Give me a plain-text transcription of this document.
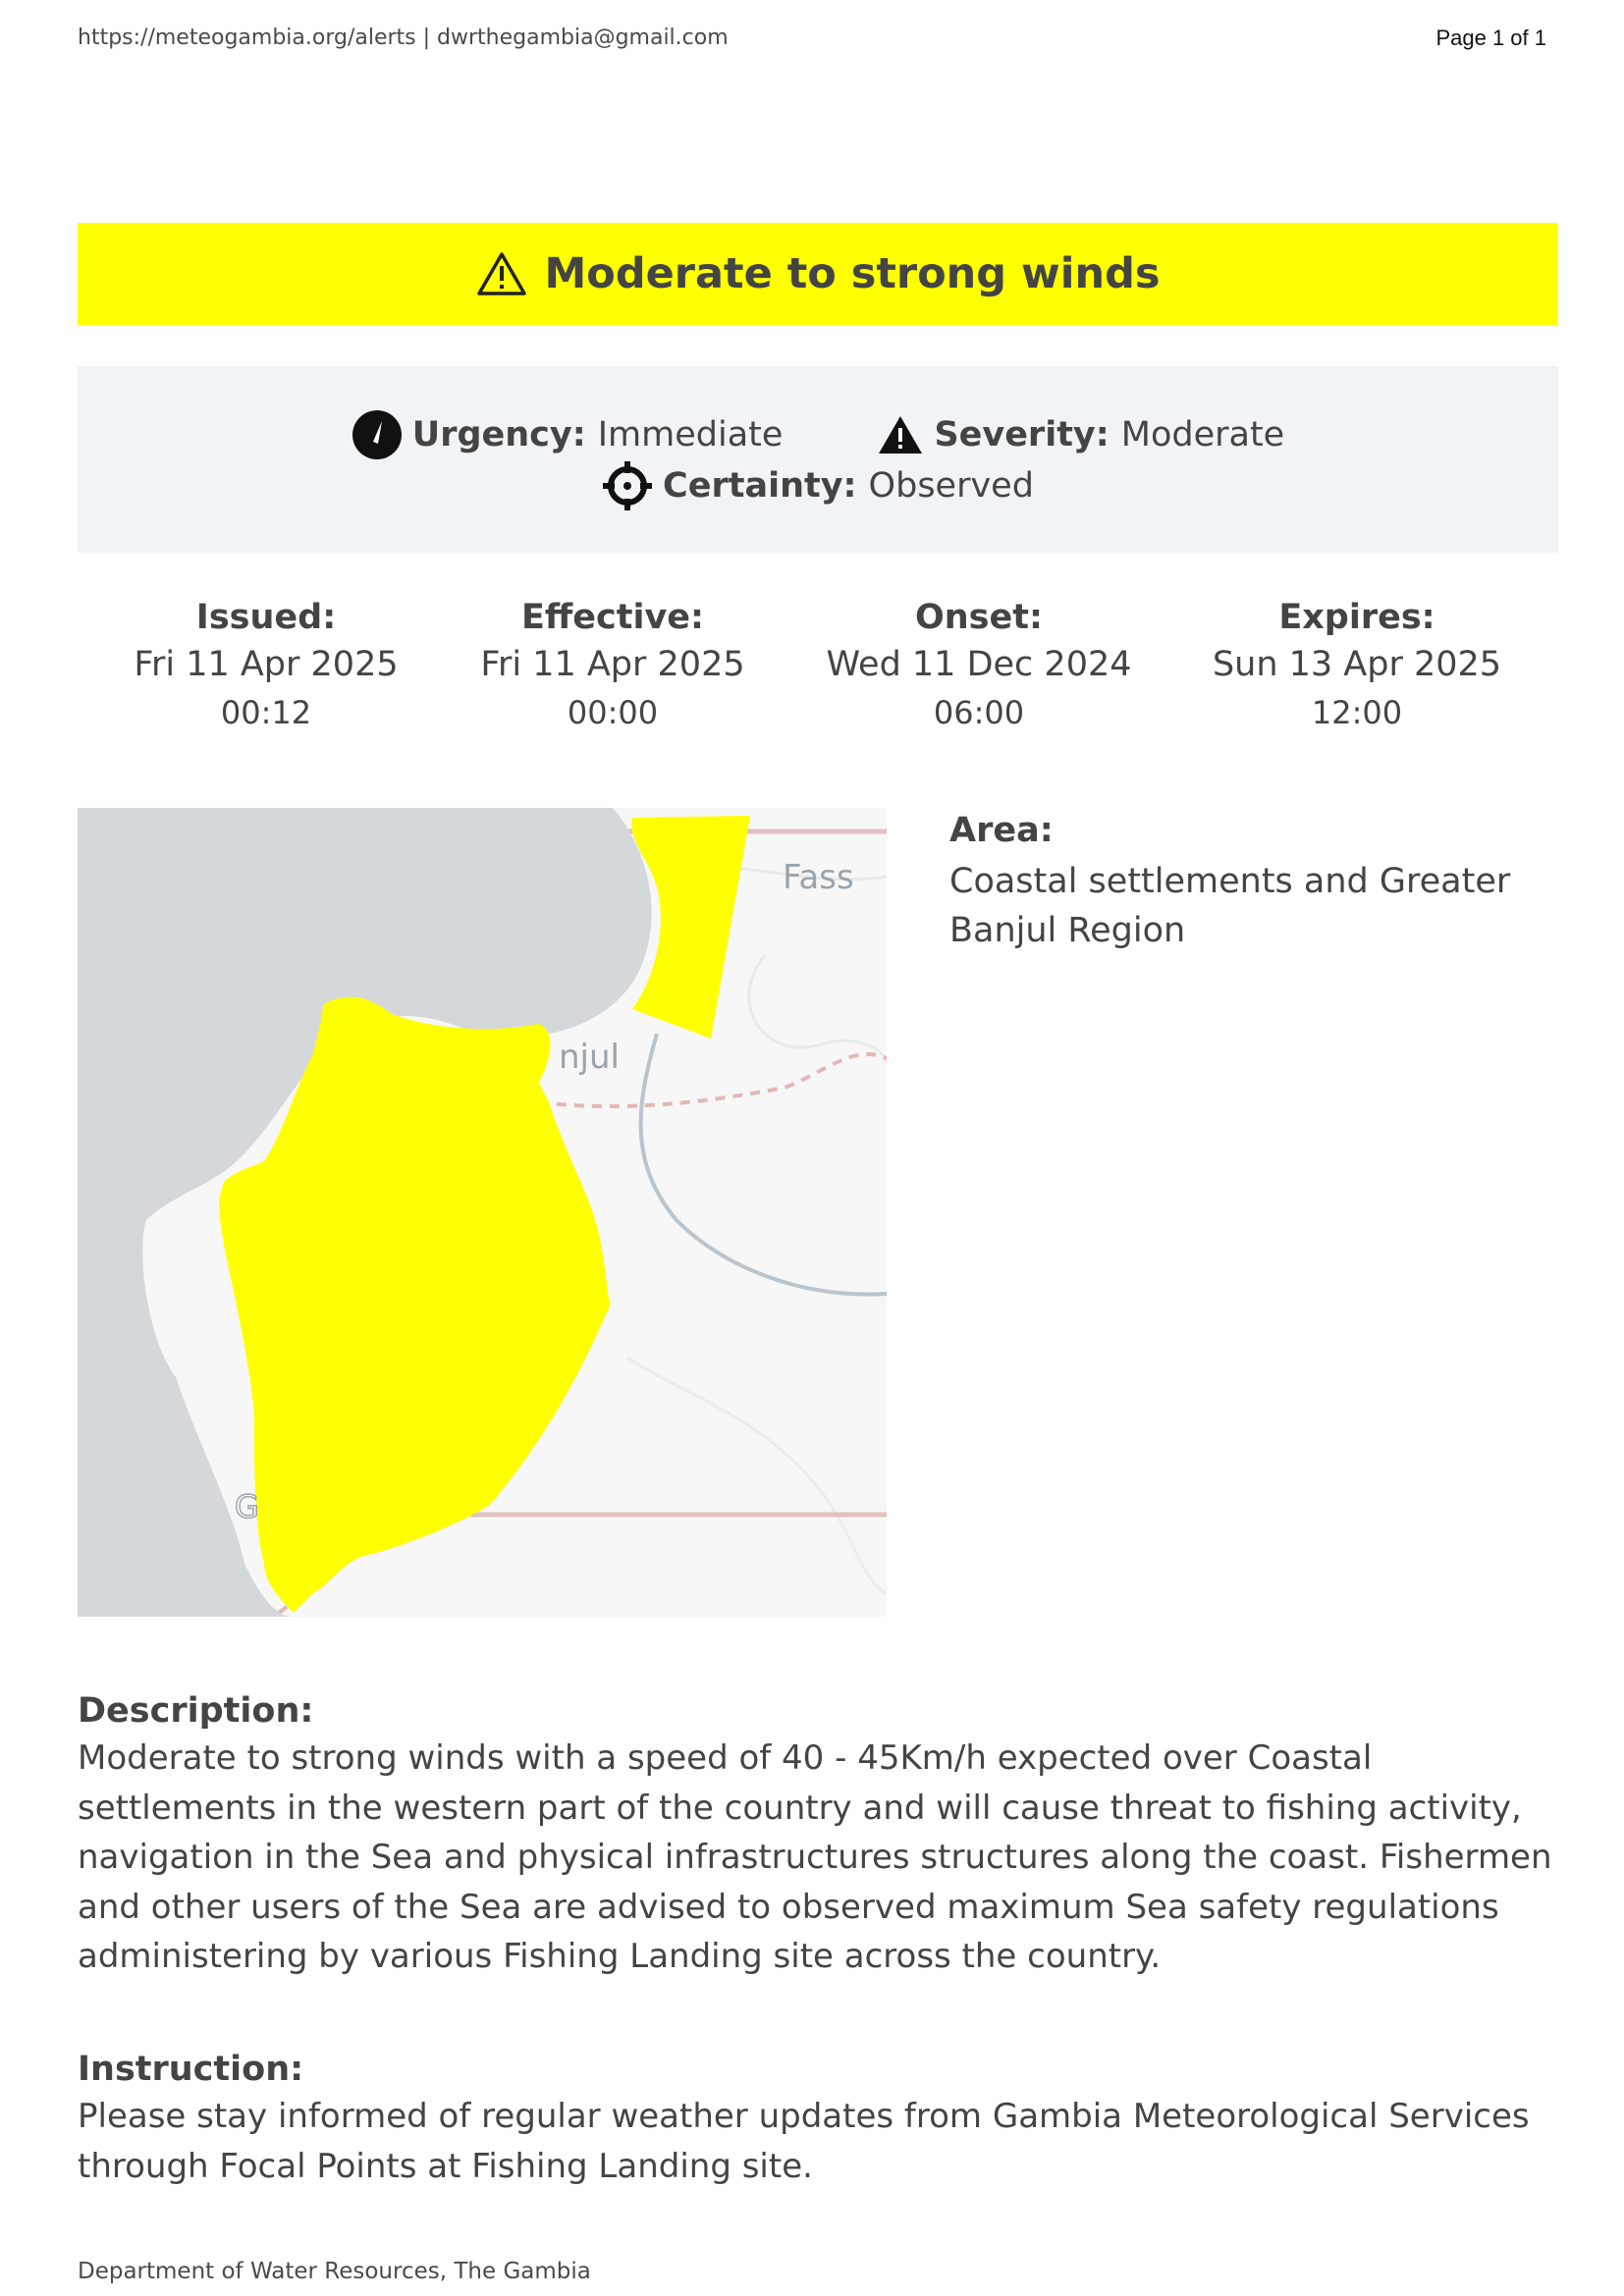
https://meteogambia.org/alerts | dwrthegambia@gmail.com	Page 1 of 1
Moderate to strong winds
Urgency: Immediate	Severity: Moderate
Certainty: Observed
Issued:
Fri 11 Apr 2025
00:12
Effective:
Fri 11 Apr 2025
00:00
Onset:
Wed 11 Dec 2024
06:00
Expires:
Sun 13 Apr 2025
12:00
Fass
njul
G
Area:
Coastal settlements and Greater Banjul Region
Description:
Moderate to strong winds with a speed of 40 - 45Km/h expected over Coastal settlements in the western part of the country and will cause threat to fishing activity, navigation in the Sea and physical infrastructures structures along the coast. Fishermen and other users of the Sea are advised to observed maximum Sea safety regulations administering by various Fishing Landing site across the country.
Instruction:
Please stay informed of regular weather updates from Gambia Meteorological Services through Focal Points at Fishing Landing site.
Department of Water Resources, The Gambia
